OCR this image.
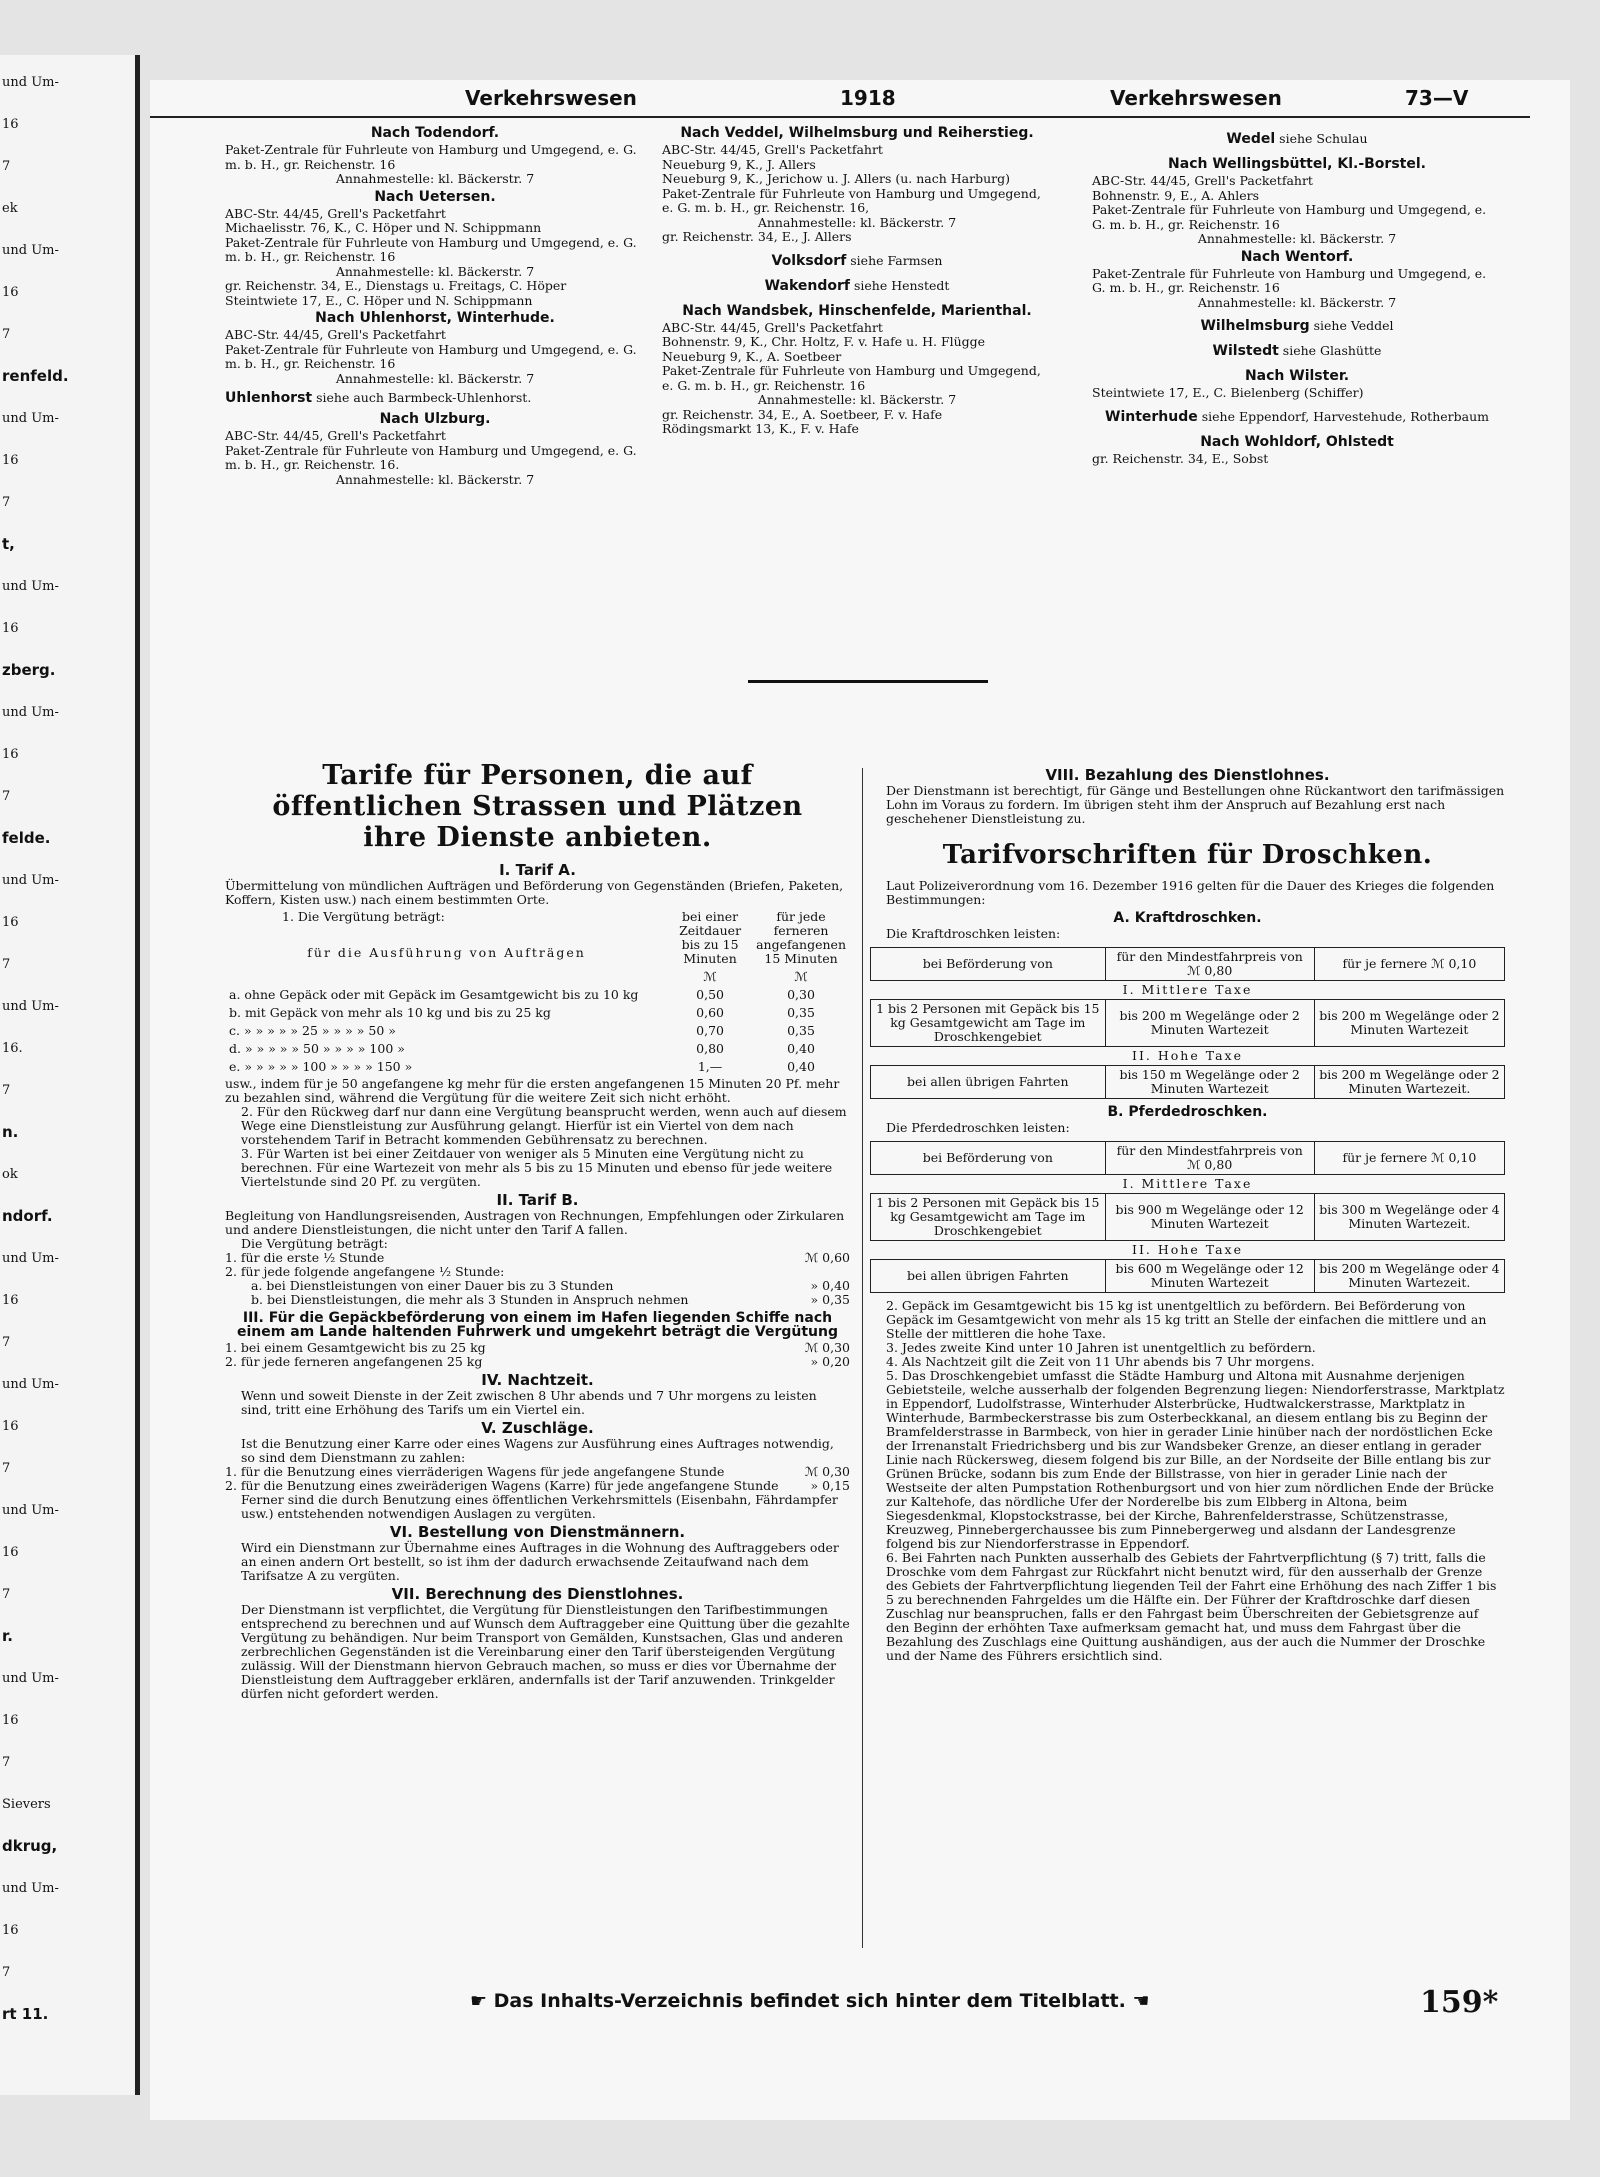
und Um-
16
7
ek
und Um-
16
7
renfeld.
und Um-
16
7
t,
und Um-
16
zberg.
und Um-
16
7
felde.
und Um-
16
7
und Um-
16.
7
n.
ok
ndorf.
und Um-
16
7
und Um-
16
7
und Um-
16
7
r.
und Um-
16
7
Sievers
dkrug,
und Um-
16
7
rt 11.
Verkehrswesen	1918	Verkehrswesen	73—V
Nach Todendorf.

Paket-Zentrale für Fuhrleute von Hamburg und Umgegend, e. G. m. b. H., gr. Reichenstr. 16

Annahmestelle: kl. Bäckerstr. 7

Nach Uetersen.

ABC-Str. 44/45, Grell's Packetfahrt

Michaelisstr. 76, K., C. Höper und N. Schippmann

Paket-Zentrale für Fuhrleute von Hamburg und Umgegend, e. G. m. b. H., gr. Reichenstr. 16

Annahmestelle: kl. Bäckerstr. 7

gr. Reichenstr. 34, E., Dienstags u. Freitags, C. Höper

Steintwiete 17, E., C. Höper und N. Schippmann

Nach Uhlenhorst, Winterhude.

ABC-Str. 44/45, Grell's Packetfahrt

Paket-Zentrale für Fuhrleute von Hamburg und Umgegend, e. G. m. b. H., gr. Reichenstr. 16

Annahmestelle: kl. Bäckerstr. 7

Uhlenhorst siehe auch Barmbeck-Uhlenhorst.
Nach Ulzburg.

ABC-Str. 44/45, Grell's Packetfahrt

Paket-Zentrale für Fuhrleute von Hamburg und Umgegend, e. G. m. b. H., gr. Reichenstr. 16.

Annahmestelle: kl. Bäckerstr. 7

Nach Veddel, Wilhelmsburg und Reiherstieg.

ABC-Str. 44/45, Grell's Packetfahrt

Neueburg 9, K., J. Allers

Neueburg 9, K., Jerichow u. J. Allers (u. nach Harburg)

Paket-Zentrale für Fuhrleute von Hamburg und Umgegend, e. G. m. b. H., gr. Reichenstr. 16,

Annahmestelle: kl. Bäckerstr. 7

gr. Reichenstr. 34, E., J. Allers

Volksdorf siehe Farmsen
Wakendorf siehe Henstedt
Nach Wandsbek, Hinschenfelde, Marienthal.

ABC-Str. 44/45, Grell's Packetfahrt

Bohnenstr. 9, K., Chr. Holtz, F. v. Hafe u. H. Flügge

Neueburg 9, K., A. Soetbeer

Paket-Zentrale für Fuhrleute von Hamburg und Umgegend, e. G. m. b. H., gr. Reichenstr. 16

Annahmestelle: kl. Bäckerstr. 7

gr. Reichenstr. 34, E., A. Soetbeer, F. v. Hafe

Rödingsmarkt 13, K., F. v. Hafe

Wedel siehe Schulau
Nach Wellingsbüttel, Kl.-Borstel.

ABC-Str. 44/45, Grell's Packetfahrt

Bohnenstr. 9, E., A. Ahlers

Paket-Zentrale für Fuhrleute von Hamburg und Umgegend, e. G. m. b. H., gr. Reichenstr. 16

Annahmestelle: kl. Bäckerstr. 7

Nach Wentorf.

Paket-Zentrale für Fuhrleute von Hamburg und Umgegend, e. G. m. b. H., gr. Reichenstr. 16

Annahmestelle: kl. Bäckerstr. 7

Wilhelmsburg siehe Veddel
Wilstedt siehe Glashütte
Nach Wilster.

Steintwiete 17, E., C. Bielenberg (Schiffer)

Winterhude siehe Eppendorf, Harvestehude, Rotherbaum
Nach Wohldorf, Ohlstedt

gr. Reichenstr. 34, E., Sobst

Tarife für Personen, die auf öffentlichen Strassen und Plätzen ihre Dienste anbieten.
I. Tarif A.

Übermittelung von mündlichen Aufträgen und Beförderung von Gegenständen (Briefen, Paketen, Koffern, Kisten usw.) nach einem bestimmten Orte.

1. Die Vergütung beträgt:	bei einer Zeitdauer bis zu 15 Minuten	für jede ferneren angefangenen 15 Minuten
für die Ausführung von Aufträgen		
	ℳ	ℳ
a. ohne Gepäck oder mit Gepäck im Gesamtgewicht bis zu 10 kg	0,50	0,30
b. mit Gepäck von mehr als 10 kg und bis zu 25 kg	0,60	0,35
c. » » » » » 25 » » » » 50 »	0,70	0,35
d. » » » » » 50 » » » » 100 »	0,80	0,40
e. » » » » » 100 » » » » 150 »	1,—	0,40

usw., indem für je 50 angefangene kg mehr für die ersten angefangenen 15 Minuten 20 Pf. mehr zu bezahlen sind, während die Vergütung für die weitere Zeit sich nicht erhöht.

2. Für den Rückweg darf nur dann eine Vergütung beansprucht werden, wenn auch auf diesem Wege eine Dienstleistung zur Ausführung gelangt. Hierfür ist ein Viertel von dem nach vorstehendem Tarif in Betracht kommenden Gebührensatz zu berechnen.

3. Für Warten ist bei einer Zeitdauer von weniger als 5 Minuten eine Vergütung nicht zu berechnen. Für eine Wartezeit von mehr als 5 bis zu 15 Minuten und ebenso für jede weitere Viertelstunde sind 20 Pf. zu vergüten.

II. Tarif B.

Begleitung von Handlungsreisenden, Austragen von Rechnungen, Empfehlungen oder Zirkularen und andere Dienstleistungen, die nicht unter den Tarif A fallen.

Die Vergütung beträgt:

1. für die erste ½ Stunde	ℳ 0,60
2. für jede folgende angefangene ½ Stunde:
a. bei Dienstleistungen von einer Dauer bis zu 3 Stunden	» 0,40
b. bei Dienstleistungen, die mehr als 3 Stunden in Anspruch nehmen	» 0,35
III. Für die Gepäckbeförderung von einem im Hafen liegenden Schiffe nach einem am Lande haltenden Fuhrwerk und umgekehrt beträgt die Vergütung
1. bei einem Gesamtgewicht bis zu 25 kg	ℳ 0,30
2. für jede ferneren angefangenen 25 kg	» 0,20
IV. Nachtzeit.

Wenn und soweit Dienste in der Zeit zwischen 8 Uhr abends und 7 Uhr morgens zu leisten sind, tritt eine Erhöhung des Tarifs um ein Viertel ein.

V. Zuschläge.

Ist die Benutzung einer Karre oder eines Wagens zur Ausführung eines Auftrages notwendig, so sind dem Dienstmann zu zahlen:

1. für die Benutzung eines vierräderigen Wagens für jede angefangene Stunde	ℳ 0,30
2. für die Benutzung eines zweiräderigen Wagens (Karre) für jede angefangene Stunde	» 0,15

Ferner sind die durch Benutzung eines öffentlichen Verkehrsmittels (Eisenbahn, Fährdampfer usw.) entstehenden notwendigen Auslagen zu vergüten.

VI. Bestellung von Dienstmännern.

Wird ein Dienstmann zur Übernahme eines Auftrages in die Wohnung des Auftraggebers oder an einen andern Ort bestellt, so ist ihm der dadurch erwachsende Zeitaufwand nach dem Tarifsatze A zu vergüten.

VII. Berechnung des Dienstlohnes.

Der Dienstmann ist verpflichtet, die Vergütung für Dienstleistungen den Tarifbestimmungen entsprechend zu berechnen und auf Wunsch dem Auftraggeber eine Quittung über die gezahlte Vergütung zu behändigen. Nur beim Transport von Gemälden, Kunstsachen, Glas und anderen zerbrechlichen Gegenständen ist die Vereinbarung einer den Tarif übersteigenden Vergütung zulässig. Will der Dienstmann hiervon Gebrauch machen, so muss er dies vor Übernahme der Dienstleistung dem Auftraggeber erklären, andernfalls ist der Tarif anzuwenden. Trinkgelder dürfen nicht gefordert werden.

VIII. Bezahlung des Dienstlohnes.

Der Dienstmann ist berechtigt, für Gänge und Bestellungen ohne Rückantwort den tarifmässigen Lohn im Voraus zu fordern. Im übrigen steht ihm der Anspruch auf Bezahlung erst nach geschehener Dienstleistung zu.

Tarifvorschriften für Droschken.

Laut Polizeiverordnung vom 16. Dezember 1916 gelten für die Dauer des Krieges die folgenden Bestimmungen:

A. Kraftdroschken.

Die Kraftdroschken leisten:

bei Beförderung von	für den Mindestfahrpreis von ℳ 0,80	für je fernere ℳ 0,10
I. Mittlere Taxe		
1 bis 2 Personen mit Gepäck bis 15 kg Gesamtgewicht am Tage im Droschkengebiet	bis 200 m Wegelänge oder 2 Minuten Wartezeit	bis 200 m Wegelänge oder 2 Minuten Wartezeit
II. Hohe Taxe		
bei allen übrigen Fahrten	bis 150 m Wegelänge oder 2 Minuten Wartezeit	bis 200 m Wegelänge oder 2 Minuten Wartezeit.
B. Pferdedroschken.

Die Pferdedroschken leisten:

bei Beförderung von	für den Mindestfahrpreis von ℳ 0,80	für je fernere ℳ 0,10
I. Mittlere Taxe		
1 bis 2 Personen mit Gepäck bis 15 kg Gesamtgewicht am Tage im Droschkengebiet	bis 900 m Wegelänge oder 12 Minuten Wartezeit	bis 300 m Wegelänge oder 4 Minuten Wartezeit.
II. Hohe Taxe		
bei allen übrigen Fahrten	bis 600 m Wegelänge oder 12 Minuten Wartezeit	bis 200 m Wegelänge oder 4 Minuten Wartezeit.

2. Gepäck im Gesamtgewicht bis 15 kg ist unentgeltlich zu befördern. Bei Beförderung von Gepäck im Gesamtgewicht von mehr als 15 kg tritt an Stelle der einfachen die mittlere und an Stelle der mittleren die hohe Taxe.

3. Jedes zweite Kind unter 10 Jahren ist unentgeltlich zu befördern.

4. Als Nachtzeit gilt die Zeit von 11 Uhr abends bis 7 Uhr morgens.

5. Das Droschkengebiet umfasst die Städte Hamburg und Altona mit Ausnahme derjenigen Gebietsteile, welche ausserhalb der folgenden Begrenzung liegen: Niendorferstrasse, Marktplatz in Eppendorf, Ludolfstrasse, Winterhuder Alsterbrücke, Hudtwalckerstrasse, Marktplatz in Winterhude, Barmbeckerstrasse bis zum Osterbeckkanal, an diesem entlang bis zu Beginn der Bramfelderstrasse in Barmbeck, von hier in gerader Linie hinüber nach der nordöstlichen Ecke der Irrenanstalt Friedrichsberg und bis zur Wandsbeker Grenze, an dieser entlang in gerader Linie nach Rückersweg, diesem folgend bis zur Bille, an der Nordseite der Bille entlang bis zur Grünen Brücke, sodann bis zum Ende der Billstrasse, von hier in gerader Linie nach der Westseite der alten Pumpstation Rothenburgsort und von hier zum nördlichen Ende der Brücke zur Kaltehofe, das nördliche Ufer der Norderelbe bis zum Elbberg in Altona, beim Siegesdenkmal, Klopstockstrasse, bei der Kirche, Bahrenfelderstrasse, Schützenstrasse, Kreuzweg, Pinnebergerchaussee bis zum Pinnebergerweg und alsdann der Landesgrenze folgend bis zur Niendorferstrasse in Eppendorf.

6. Bei Fahrten nach Punkten ausserhalb des Gebiets der Fahrtverpflichtung (§ 7) tritt, falls die Droschke vom dem Fahrgast zur Rückfahrt nicht benutzt wird, für den ausserhalb der Grenze des Gebiets der Fahrtverpflichtung liegenden Teil der Fahrt eine Erhöhung des nach Ziffer 1 bis 5 zu berechnenden Fahrgeldes um die Hälfte ein. Der Führer der Kraftdroschke darf diesen Zuschlag nur beanspruchen, falls er den Fahrgast beim Überschreiten der Gebietsgrenze auf den Beginn der erhöhten Taxe aufmerksam gemacht hat, und muss dem Fahrgast über die Bezahlung des Zuschlags eine Quittung aushändigen, aus der auch die Nummer der Droschke und der Name des Führers ersichtlich sind.

☛ Das Inhalts-Verzeichnis befindet sich hinter dem Titelblatt. ☚	159*
